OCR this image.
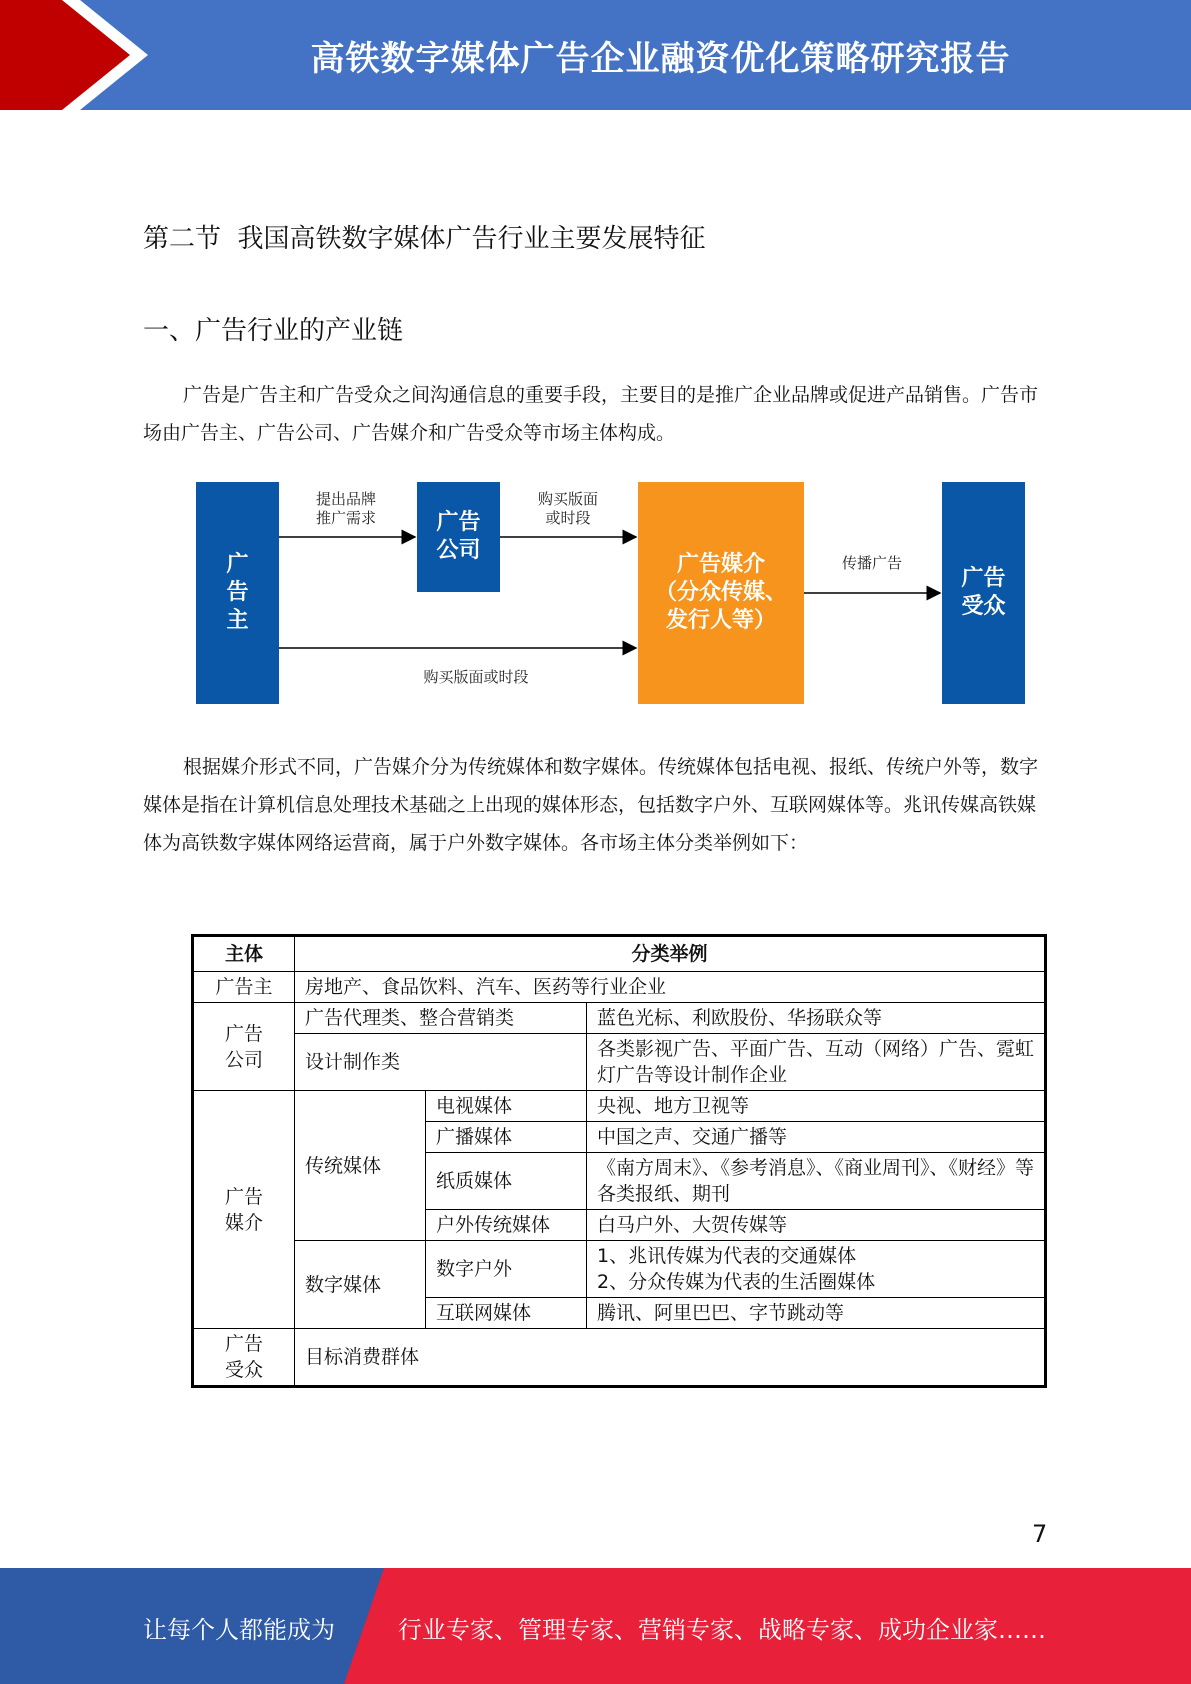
高铁数字媒体广告企业融资优化策略研究报告
第二节  我国高铁数字媒体广告行业主要发展特征
一、广告行业的产业链

广告是广告主和广告受众之间沟通信息的重要手段，主要目的是推广企业品牌或促进产品销售。广告市场由广告主、广告公司、广告媒介和广告受众等市场主体构成。

广
告
主
广告
公司
广告媒介
（分众传媒、
发行人等）
广告
受众
提出品牌
推广需求
购买版面
或时段
传播广告
购买版面或时段

根据媒介形式不同，广告媒介分为传统媒体和数字媒体。传统媒体包括电视、报纸、传统户外等，数字媒体是指在计算机信息处理技术基础之上出现的媒体形态，包括数字户外、互联网媒体等。兆讯传媒高铁媒体为高铁数字媒体网络运营商，属于户外数字媒体。各市场主体分类举例如下：

主体	分类举例		
广告主	房地产、食品饮料、汽车、医药等行业企业		
广告
公司	广告代理类、整合营销类		蓝色光标、利欧股份、华扬联众等
	设计制作类		各类影视广告、平面广告、互动（网络）广告、霓虹灯广告等设计制作企业
广告
媒介	传统媒体	电视媒体	央视、地方卫视等
		广播媒体	中国之声、交通广播等
		纸质媒体	《南方周末》、《参考消息》、《商业周刊》、《财经》等各类报纸、期刊
		户外传统媒体	白马户外、大贺传媒等
	数字媒体	数字户外	1、兆讯传媒为代表的交通媒体
2、分众传媒为代表的生活圈媒体
		互联网媒体	腾讯、阿里巴巴、字节跳动等
广告
受众	目标消费群体		
7
让每个人都能成为	行业专家、管理专家、营销专家、战略专家、成功企业家……
